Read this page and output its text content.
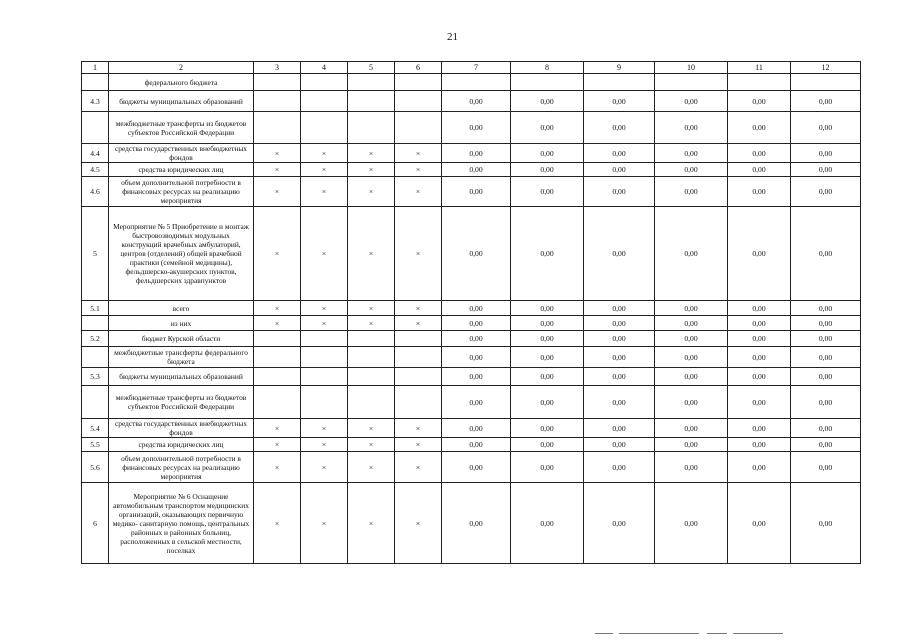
21
1	2	3	4	5	6	7	8	9	10	11	12
	федерального бюджета										
4.3	бюджеты муниципальных образований					0,00	0,00	0,00	0,00	0,00	0,00
	межбюджетные трансферты из бюджетов субъектов Российской Федерации					0,00	0,00	0,00	0,00	0,00	0,00
4.4	средства государственных внебюджетных фондов	×	×	×	×	0,00	0,00	0,00	0,00	0,00	0,00
4.5	средства юридических лиц	×	×	×	×	0,00	0,00	0,00	0,00	0,00	0,00
4.6	объем дополнительной потребности в финансовых ресурсах на реализацию мероприятия	×	×	×	×	0,00	0,00	0,00	0,00	0,00	0,00
5	Мероприятие № 5 Приобретение и монтаж быстровозводимых модульных конструкций врачебных амбулаторий, центров (отделений) общей врачебной практики (семейной медицины), фельдшерско-акушерских пунктов, фельдшерских здравпунктов	×	×	×	×	0,00	0,00	0,00	0,00	0,00	0,00
5.1	всего	×	×	×	×	0,00	0,00	0,00	0,00	0,00	0,00
	из них	×	×	×	×	0,00	0,00	0,00	0,00	0,00	0,00
5.2	бюджет Курской области					0,00	0,00	0,00	0,00	0,00	0,00
	межбюджетные трансферты федерального бюджета					0,00	0,00	0,00	0,00	0,00	0,00
5.3	бюджеты муниципальных образований					0,00	0,00	0,00	0,00	0,00	0,00
	межбюджетные трансферты из бюджетов субъектов Российской Федерации					0,00	0,00	0,00	0,00	0,00	0,00
5.4	средства государственных внебюджетных фондов	×	×	×	×	0,00	0,00	0,00	0,00	0,00	0,00
5.5	средства юридических лиц	×	×	×	×	0,00	0,00	0,00	0,00	0,00	0,00
5.6	объем дополнительной потребности в финансовых ресурсах на реализацию мероприятия	×	×	×	×	0,00	0,00	0,00	0,00	0,00	0,00
6	Мероприятие № 6 Оснащение автомобильным транспортом медицинских организаций, оказывающих первичную медико- санитарную помощь, центральных районных и районных больниц, расположенных в сельской местности, поселках	×	×	×	×	0,00	0,00	0,00	0,00	0,00	0,00
